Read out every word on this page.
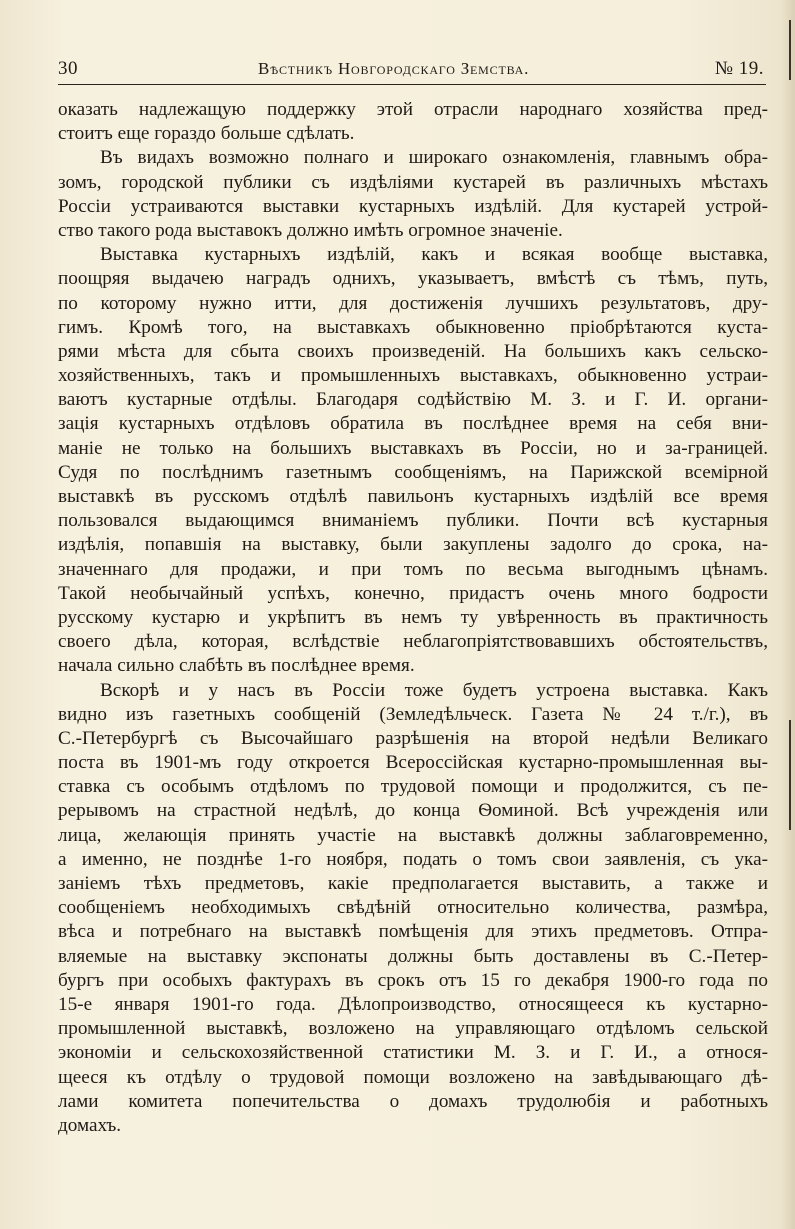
30	Вѣстникъ Новгородскаго Земства.	№ 19.
оказать надлежащую поддержку этой отрасли народнаго хозяйства пред-
стоитъ еще гораздо больше сдѣлать.
Въ видахъ возможно полнаго и широкаго ознакомленія, главнымъ обра-
зомъ, городской публики съ издѣліями кустарей въ различныхъ мѣстахъ
Россіи устраиваются выставки кустарныхъ издѣлій. Для кустарей устрой-
ство такого рода выставокъ должно имѣть огромное значеніе.
Выставка кустарныхъ издѣлій, какъ и всякая вообще выставка,
поощряя выдачею наградъ однихъ, указываетъ, вмѣстѣ съ тѣмъ, путь,
по которому нужно итти, для достиженія лучшихъ результатовъ, дру-
гимъ. Кромѣ того, на выставкахъ обыкновенно пріобрѣтаются куста-
рями мѣста для сбыта своихъ произведеній. На большихъ какъ сельско-
хозяйственныхъ, такъ и промышленныхъ выставкахъ, обыкновенно устраи-
ваютъ кустарные отдѣлы. Благодаря содѣйствію М. З. и Г. И. органи-
зація кустарныхъ отдѣловъ обратила въ послѣднее время на себя вни-
маніе не только на большихъ выставкахъ въ Россіи, но и за-границей.
Судя по послѣднимъ газетнымъ сообщеніямъ, на Парижской всемірной
выставкѣ въ русскомъ отдѣлѣ павильонъ кустарныхъ издѣлій все время
пользовался выдающимся вниманіемъ публики. Почти всѣ кустарныя
издѣлія, попавшія на выставку, были закуплены задолго до срока, на-
значеннаго для продажи, и при томъ по весьма выгоднымъ цѣнамъ.
Такой необычайный успѣхъ, конечно, придастъ очень много бодрости
русскому кустарю и укрѣпитъ въ немъ ту увѣренность въ практичность
своего дѣла, которая, вслѣдствіе неблагопріятствовавшихъ обстоятельствъ,
начала сильно слабѣть въ послѣднее время.
Вскорѣ и у насъ въ Россіи тоже будетъ устроена выставка. Какъ
видно изъ газетныхъ сообщеній (Земледѣльческ. Газета № 24 т./г.), въ
С.-Петербургѣ съ Высочайшаго разрѣшенія на второй недѣли Великаго
поста въ 1901-мъ году откроется Всероссійская кустарно-промышленная вы-
ставка съ особымъ отдѣломъ по трудовой помощи и продолжится, съ пе-
рерывомъ на страстной недѣлѣ, до конца Ѳоминой. Всѣ учрежденія или
лица, желающія принять участіе на выставкѣ должны заблаговременно,
а именно, не позднѣе 1-го ноября, подать о томъ свои заявленія, съ ука-
заніемъ тѣхъ предметовъ, какіе предполагается выставить, а также и
сообщеніемъ необходимыхъ свѣдѣній относительно количества, размѣра,
вѣса и потребнаго на выставкѣ помѣщенія для этихъ предметовъ. Отпра-
вляемые на выставку экспонаты должны быть доставлены въ С.-Петер-
бургъ при особыхъ фактурахъ въ срокъ отъ 15 го декабря 1900-го года по
15-е января 1901-го года. Дѣлопроизводство, относящееся къ кустарно-
промышленной выставкѣ, возложено на управляющаго отдѣломъ сельской
экономіи и сельскохозяйственной статистики М. З. и Г. И., а относя-
щееся къ отдѣлу о трудовой помощи возложено на завѣдывающаго дѣ-
лами комитета попечительства о домахъ трудолюбія и работныхъ
домахъ.
